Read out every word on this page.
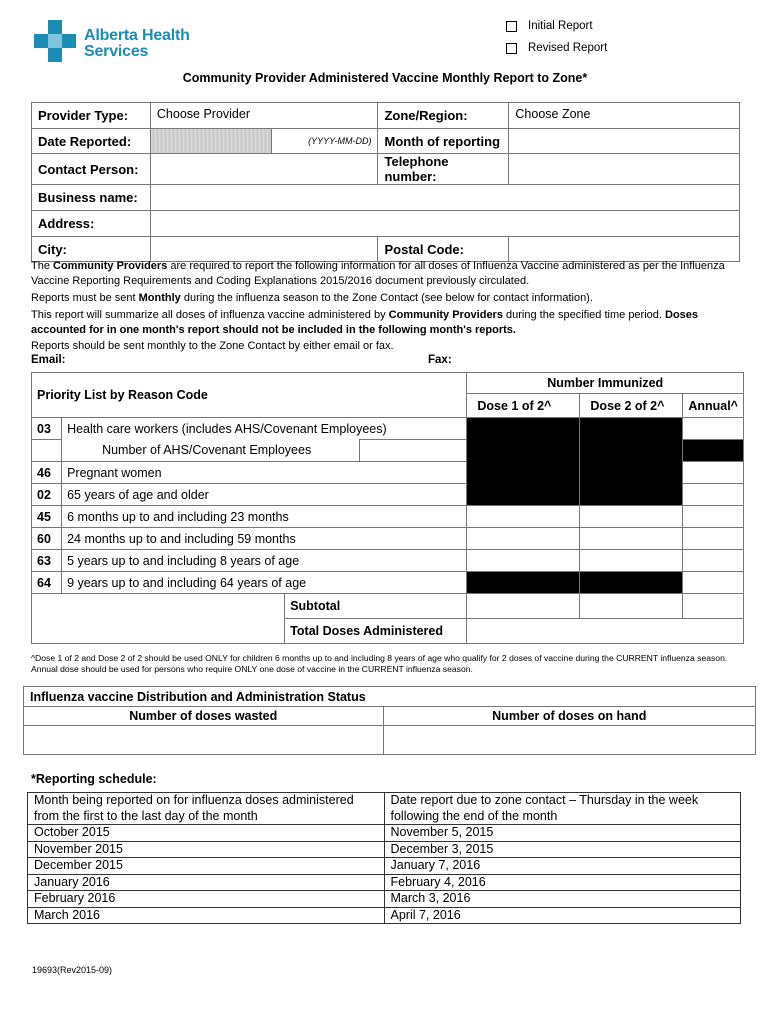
Alberta Health
Services
Initial Report
Revised Report
Community Provider Administered Vaccine Monthly Report to Zone*
Provider Type:	Choose Provider		Zone/Region:	Choose Zone
Date Reported:		(YYYY-MM-DD)	Month of reporting	
Contact Person:			Telephone number:	
Business name:				
Address:				
City:			Postal Code:	
The Community Providers are required to report the following information for all doses of Influenza Vaccine administered as per the Influenza Vaccine Reporting Requirements and Coding Explanations 2015/2016 document previously circulated.
Reports must be sent Monthly during the influenza season to the Zone Contact (see below for contact information).
This report will summarize all doses of influenza vaccine administered by Community Providers during the specified time period. Doses accounted for in one month's report should not be included in the following month's reports.
Reports should be sent monthly to the Zone Contact by either email or fax.
Email:	Fax:
Priority List by Reason Code				Number Immunized		
				Dose 1 of 2^	Dose 2 of 2^	Annual^
03	Health care workers (includes AHS/Covenant Employees)					
	Number of AHS/Covenant Employees					
46	Pregnant women					
02	65 years of age and older					
45	6 months up to and including 23 months					
60	24 months up to and including 59 months					
63	5 years up to and including 8 years of age					
64	9 years up to and including 64 years of age					
		Subtotal				
		Total Doses Administered				
^Dose 1 of 2 and Dose 2 of 2 should be used ONLY for children 6 months up to and including 8 years of age who qualify for 2 doses of vaccine during the CURRENT influenza season.
Annual dose should be used for persons who require ONLY one dose of vaccine in the CURRENT influenza season.
Influenza vaccine Distribution and Administration Status	
Number of doses wasted	Number of doses on hand

*Reporting schedule:
Month being reported on for influenza doses administered from the first to the last day of the month	Date report due to zone contact – Thursday in the week following the end of the month
October 2015	November 5, 2015
November 2015	December 3, 2015
December 2015	January 7, 2016
January 2016	February 4, 2016
February 2016	March 3, 2016
March 2016	April 7, 2016
19693(Rev2015-09)
